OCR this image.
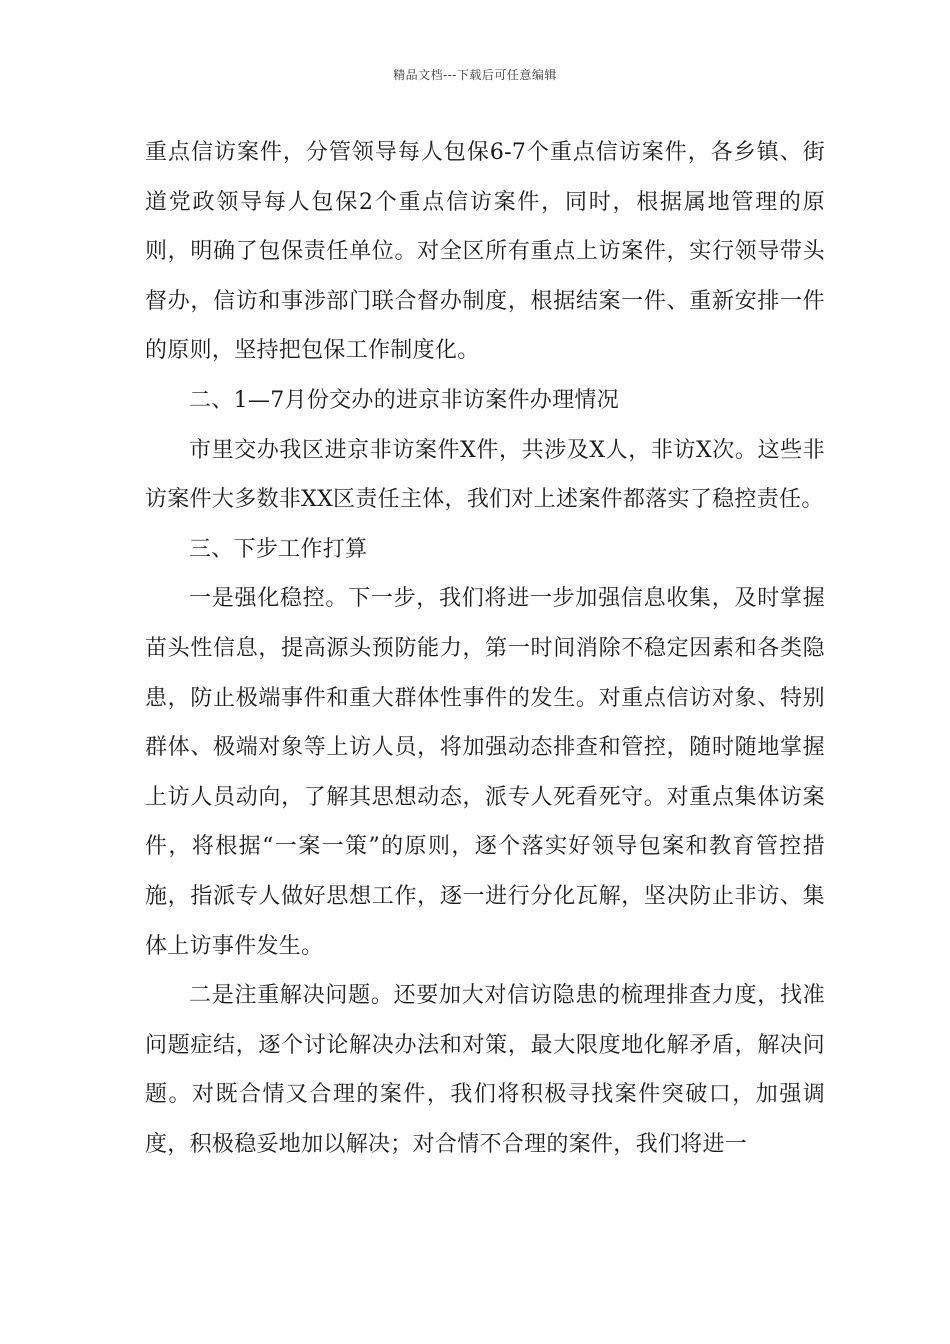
精品文档---下载后可任意编辑

重点信访案件，分管领导每人包保6-7个重点信访案件，各乡镇、街道党政领导每人包保2个重点信访案件，同时，根据属地管理的原则，明确了包保责任单位。对全区所有重点上访案件，实行领导带头督办，信访和事涉部门联合督办制度，根据结案一件、重新安排一件的原则，坚持把包保工作制度化。

二、1—7月份交办的进京非访案件办理情况

市里交办我区进京非访案件X件，共涉及X人，非访X次。这些非访案件大多数非XX区责任主体，我们对上述案件都落实了稳控责任。

三、下步工作打算

一是强化稳控。下一步，我们将进一步加强信息收集，及时掌握苗头性信息，提高源头预防能力，第一时间消除不稳定因素和各类隐患，防止极端事件和重大群体性事件的发生。对重点信访对象、特别群体、极端对象等上访人员，将加强动态排查和管控，随时随地掌握上访人员动向，了解其思想动态，派专人死看死守。对重点集体访案件，将根据“一案一策”的原则，逐个落实好领导包案和教育管控措施，指派专人做好思想工作，逐一进行分化瓦解，坚决防止非访、集体上访事件发生。

二是注重解决问题。还要加大对信访隐患的梳理排查力度，找准问题症结，逐个讨论解决办法和对策，最大限度地化解矛盾，解决问题。对既合情又合理的案件，我们将积极寻找案件突破口，加强调度，积极稳妥地加以解决；对合情不合理的案件，我们将进一
